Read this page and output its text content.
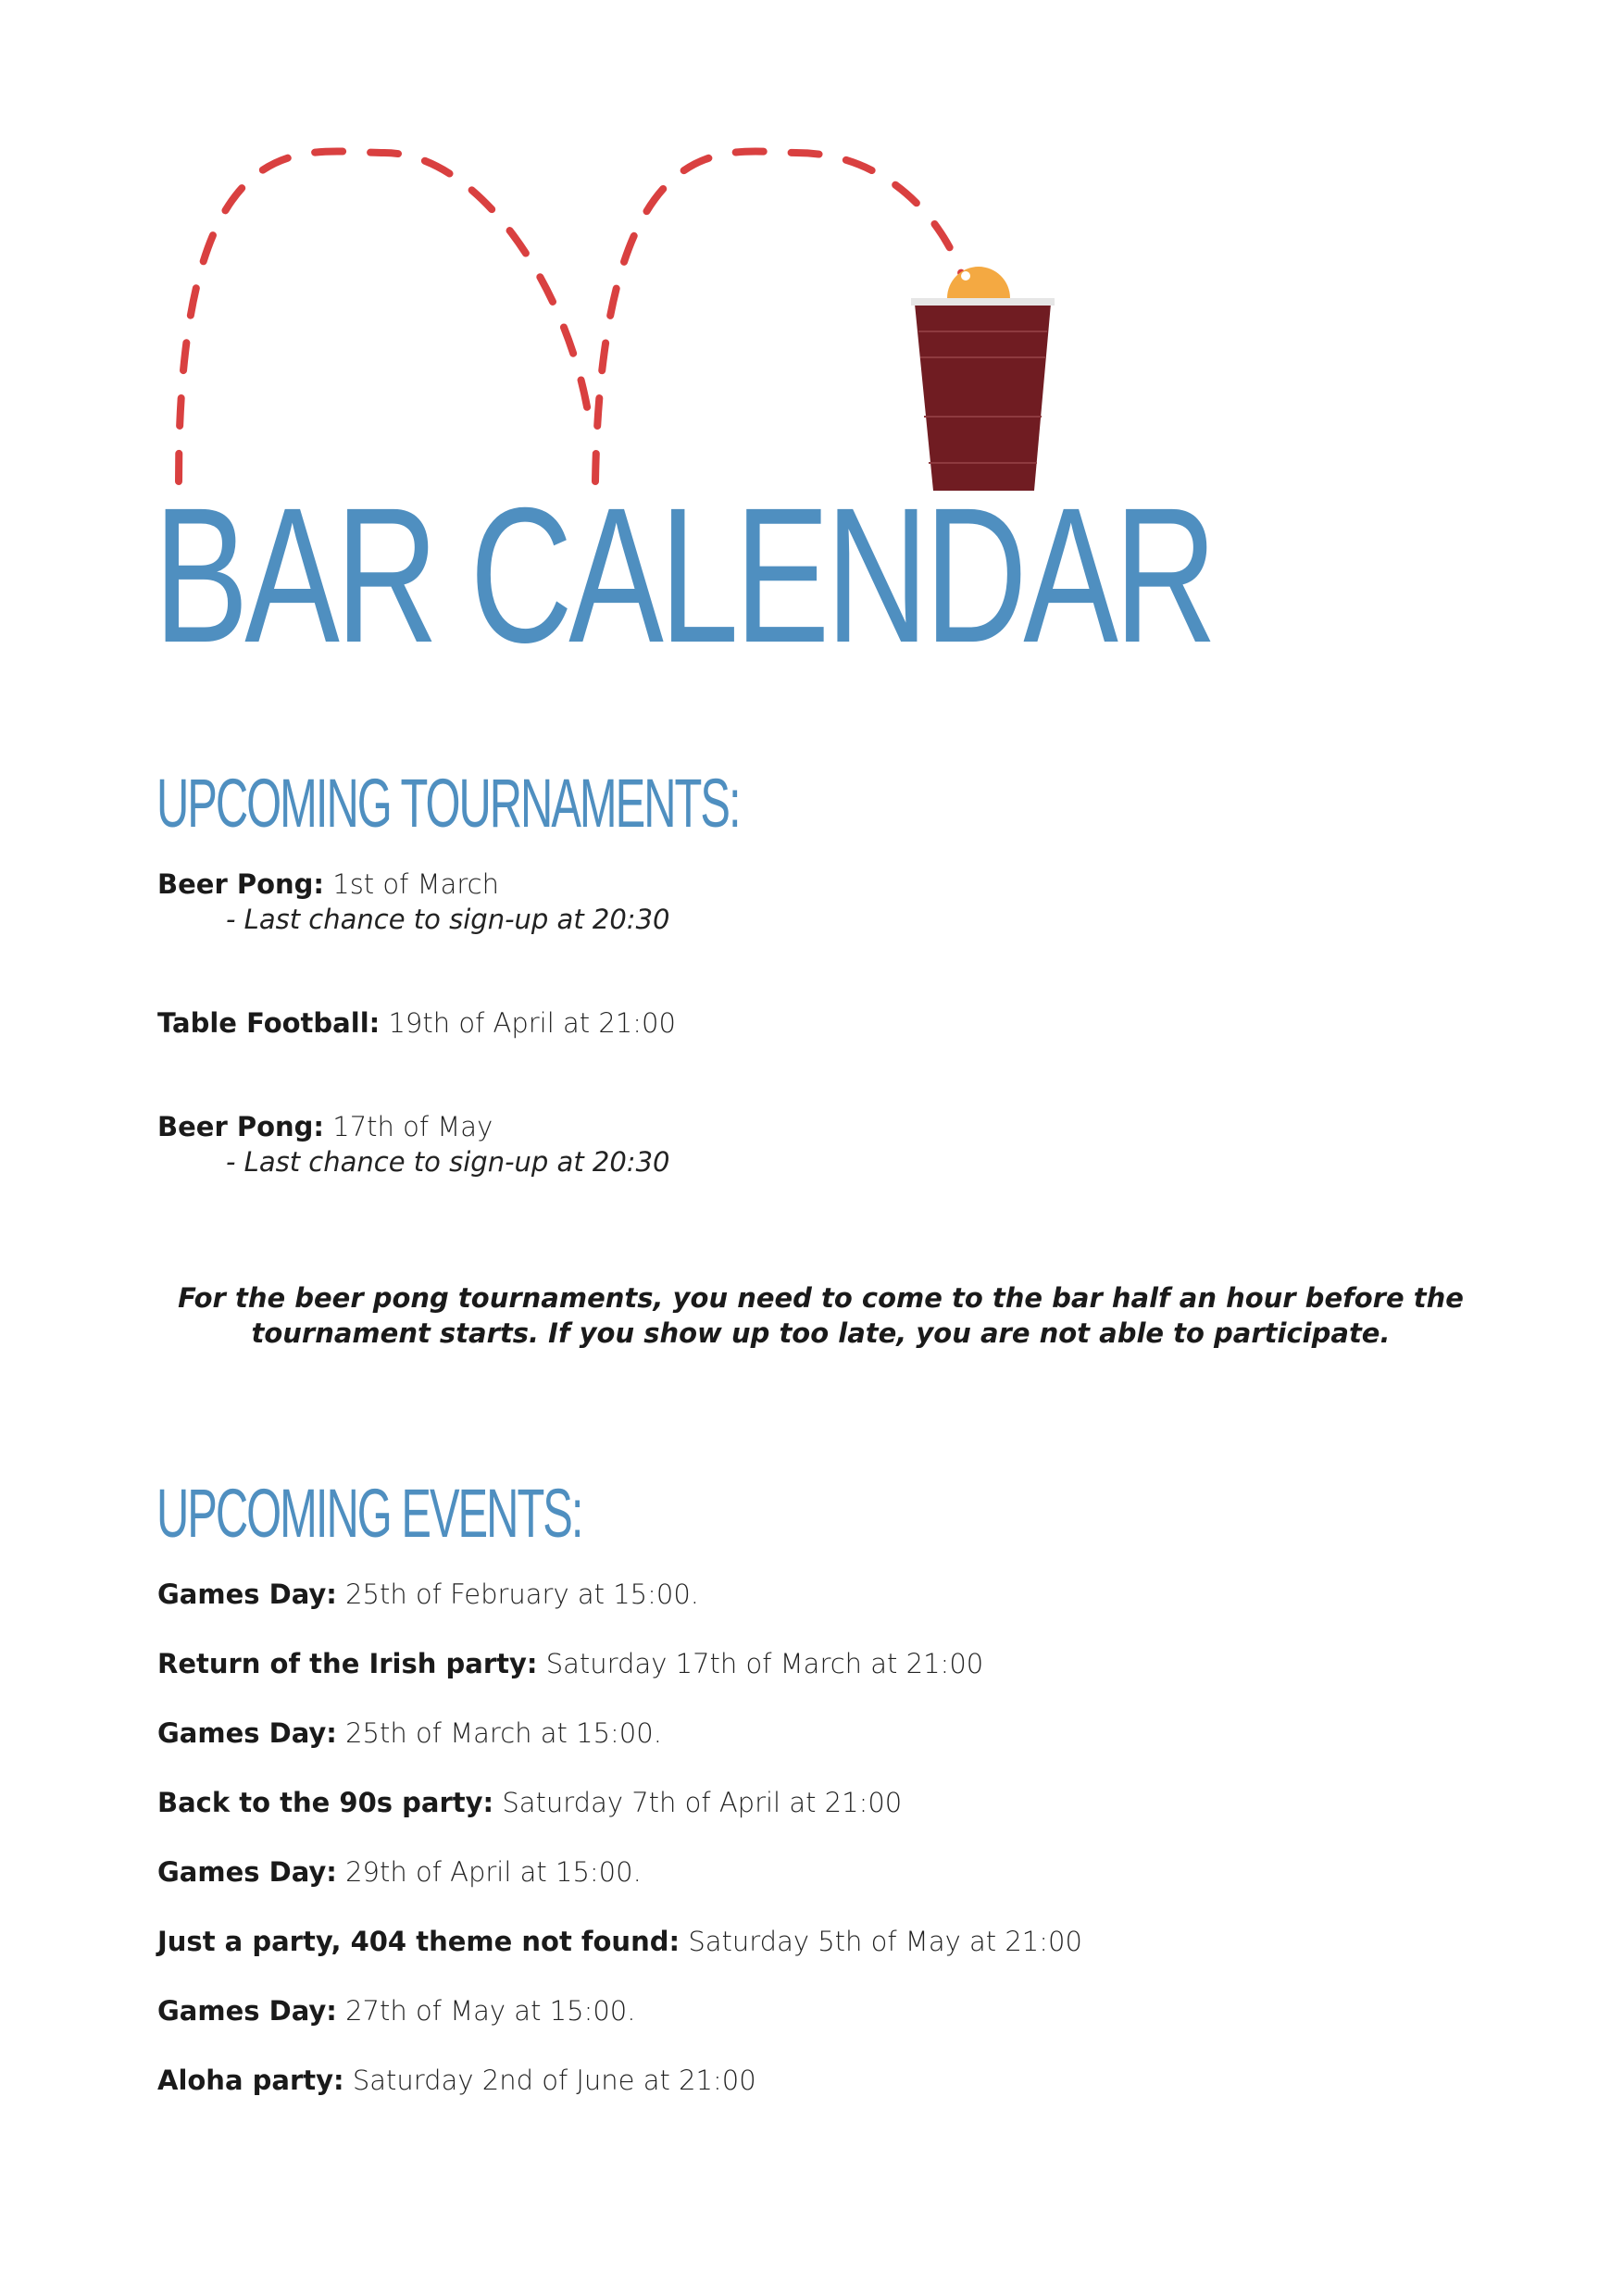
BAR CALENDAR
UPCOMING TOURNAMENTS:

Beer Pong: 1st of March

- Last chance to sign-up at 20:30

Table Football: 19th of April at 21:00

Beer Pong: 17th of May

- Last chance to sign-up at 20:30

For the beer pong tournaments, you need to come to the bar half an hour before the tournament starts. If you show up too late, you are not able to participate.

UPCOMING EVENTS:

Games Day: 25th of February at 15:00.

Return of the Irish party: Saturday 17th of March at 21:00

Games Day: 25th of March at 15:00.

Back to the 90s party: Saturday 7th of April at 21:00

Games Day: 29th of April at 15:00.

Just a party, 404 theme not found: Saturday 5th of May at 21:00

Games Day: 27th of May at 15:00.

Aloha party: Saturday 2nd of June at 21:00
